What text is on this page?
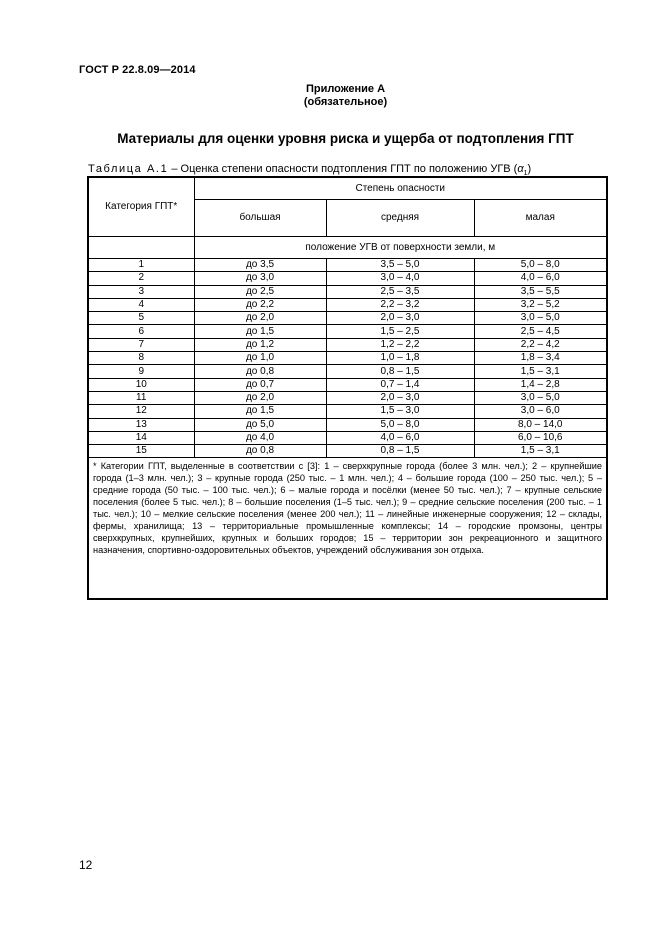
ГОСТ Р 22.8.09—2014
Приложение А
(обязательное)
Материалы для оценки уровня риска и ущерба от подтопления ГПТ
Таблица А.1 – Оценка степени опасности подтопления ГПТ по положению УГВ $(\alpha_1)$
Категория ГПТ*	Степень опасности		
	большая	средняя	малая
	положение УГВ от поверхности земли, м		
1	до 3,5	3,5 – 5,0	5,0 – 8,0
2	до 3,0	3,0 – 4,0	4,0 – 6,0
3	до 2,5	2,5 – 3,5	3,5 – 5,5
4	до 2,2	2,2 – 3,2	3,2 – 5,2
5	до 2,0	2,0 – 3,0	3,0 – 5,0
6	до 1,5	1,5 – 2,5	2,5 – 4,5
7	до 1,2	1,2 – 2,2	2,2 – 4,2
8	до 1,0	1,0 – 1,8	1,8 – 3,4
9	до 0,8	0,8 – 1,5	1,5 – 3,1
10	до 0,7	0,7 – 1,4	1,4 – 2,8
11	до 2,0	2,0 – 3,0	3,0 – 5,0
12	до 1,5	1,5 – 3,0	3,0 – 6,0
13	до 5,0	5,0 – 8,0	8,0 – 14,0
14	до 4,0	4,0 – 6,0	6,0 – 10,6
15	до 0,8	0,8 – 1,5	1,5 – 3,1
* Категории ГПТ, выделенные в соответствии с [3]: 1 – сверхкрупные города (более 3 млн. чел.); 2 – крупнейшие города (1–3 млн. чел.); 3 – крупные города (250 тыс. – 1 млн. чел.); 4 – большие города (100 – 250 тыс. чел.); 5 – средние города (50 тыс. – 100 тыс. чел.); 6 – малые города и посёлки (менее 50 тыс. чел.); 7 – крупные сельские поселения (более 5 тыс. чел.); 8 – большие поселения (1–5 тыс. чел.); 9 – средние сельские поселения (200 тыс. – 1 тыс. чел.); 10 – мелкие сельские поселения (менее 200 чел.); 11 – линейные инженерные сооружения; 12 – склады, фермы, хранилища; 13 – территориальные промышленные комплексы; 14 – городские промзоны, центры сверхкрупных, крупнейших, крупных и больших городов; 15 – территории зон рекреационного и защитного назначения, спортивно-оздоровительных объектов, учреждений обслуживания зон отдыха.			
12
